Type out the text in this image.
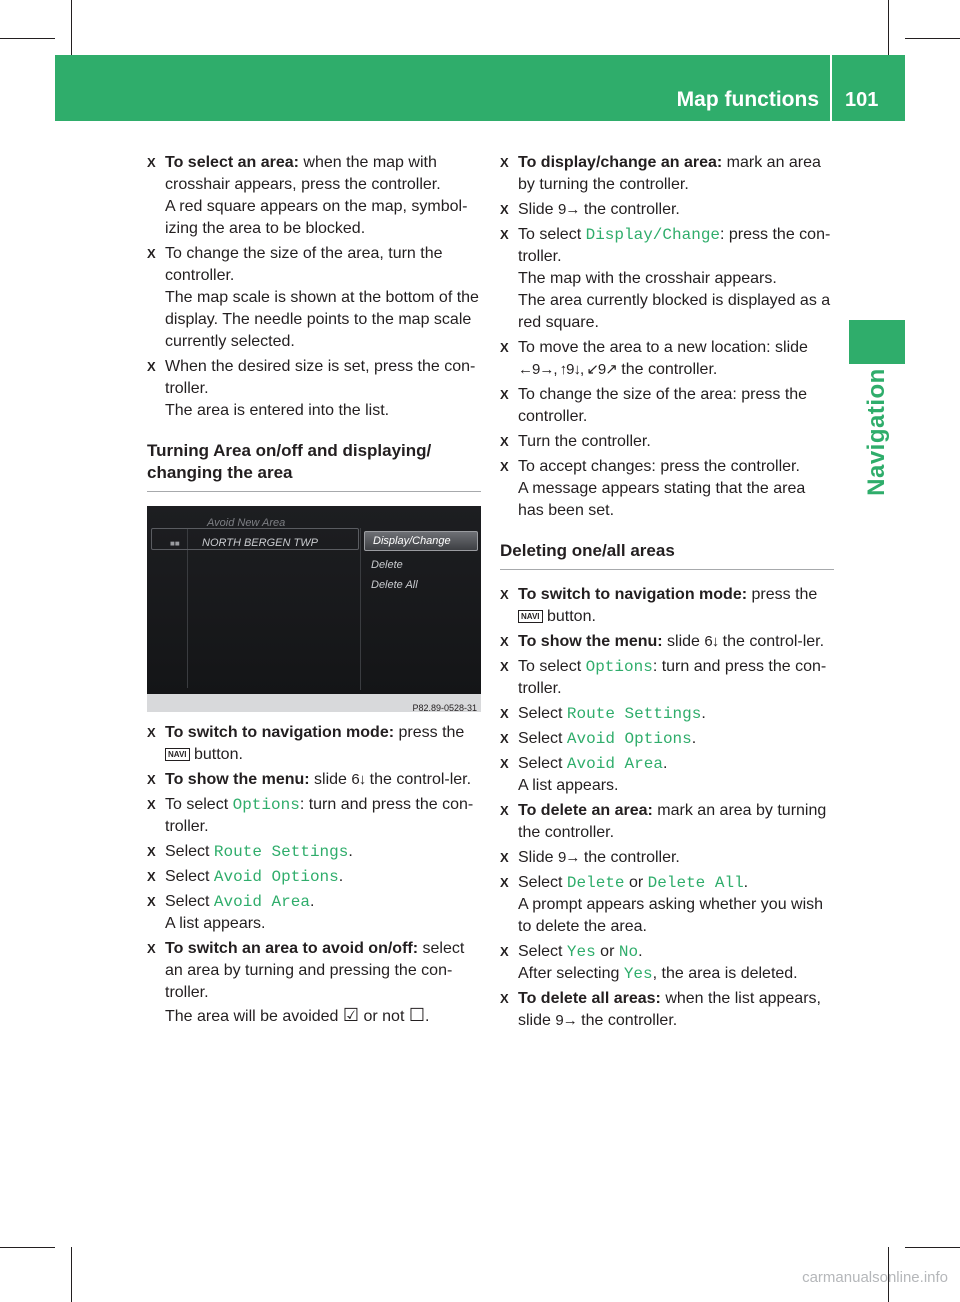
Map functions 101
Navigation
X To select an area: when the map with crosshair appears, press the controller.

A red square appears on the map, symbol-izing the area to be blocked.

X To change the size of the area, turn the controller.

The map scale is shown at the bottom of the display. The needle points to the map scale currently selected.

X When the desired size is set, press the con-troller.

The area is entered into the list.

Turning Area on/off and displaying/ changing the area
Avoid New Area
■■ NORTH BERGEN TWP	Display/Change
Delete
Delete All
P82.89-0528-31
X To switch to navigation mode: press the
NAVI button.

X To show the menu: slide 6↓ the control-ler.

X To select Options: turn and press the con-troller.

X Select Route Settings.

X Select Avoid Options.

X Select Avoid Area.

A list appears.

X To switch an area to avoid on/off: select an area by turning and pressing the con-troller.

The area will be avoided ☑ or not ☐.

X To display/change an area: mark an area by turning the controller.

X Slide 9→ the controller.

X To select Display/Change: press the con-troller.

The map with the crosshair appears.

The area currently blocked is displayed as a red square.

X To move the area to a new location: slide ←9→, ↑9↓, ↙9↗ the controller.

X To change the size of the area: press the controller.

X Turn the controller.

X To accept changes: press the controller.

A message appears stating that the area has been set.

Deleting one/all areas
X To switch to navigation mode: press the
NAVI button.

X To show the menu: slide 6↓ the control-ler.

X To select Options: turn and press the con-troller.

X Select Route Settings.

X Select Avoid Options.

X Select Avoid Area.

A list appears.

X To delete an area: mark an area by turning the controller.

X Slide 9→ the controller.

X Select Delete or Delete All.

A prompt appears asking whether you wish to delete the area.

X Select Yes or No.

After selecting Yes, the area is deleted.

X To delete all areas: when the list appears, slide 9→ the controller.

carmanualsonline.info
